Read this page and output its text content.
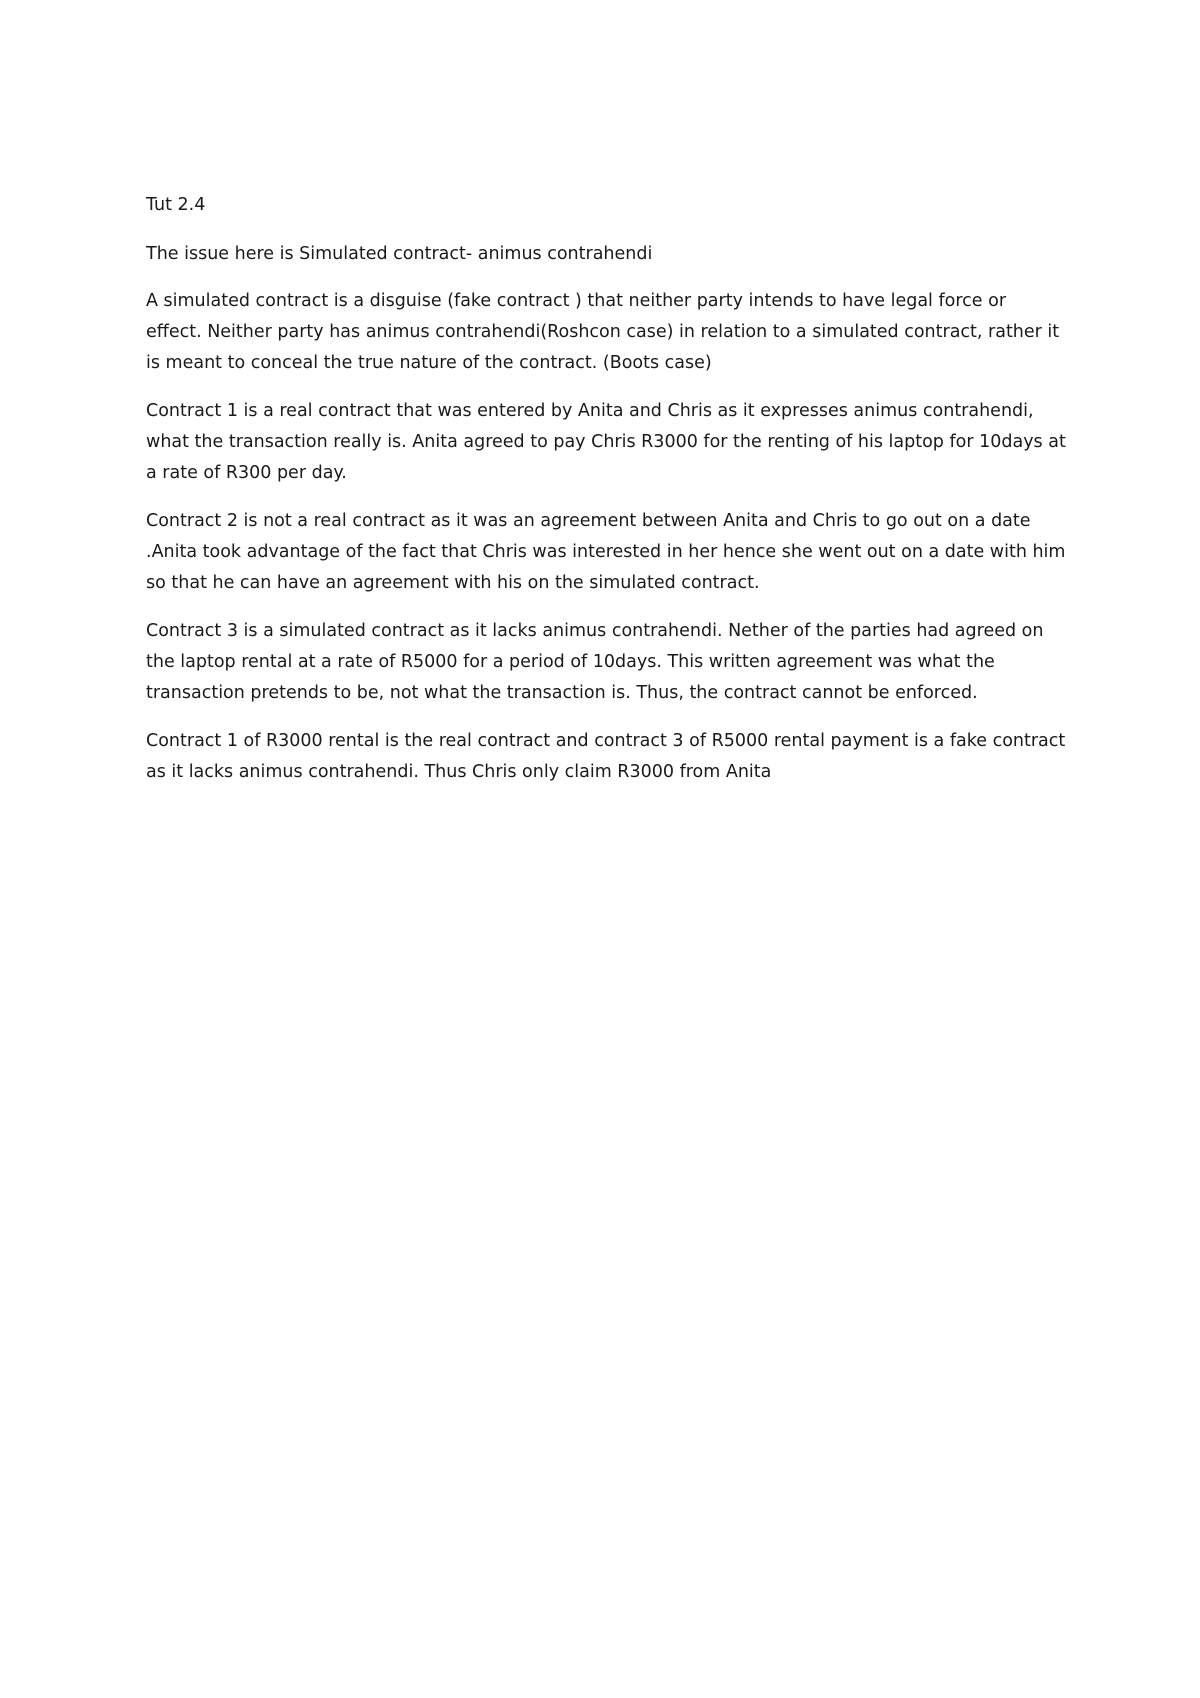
Tut 2.4

The issue here is Simulated contract- animus contrahendi

A simulated contract is a disguise (fake contract ) that neither party intends to have legal force or effect. Neither party has animus contrahendi(Roshcon case) in relation to a simulated contract, rather it is meant to conceal the true nature of the contract. (Boots case)

Contract 1 is a real contract that was entered by Anita and Chris as it expresses animus contrahendi, what the transaction really is. Anita agreed to pay Chris R3000 for the renting of his laptop for 10days at a rate of R300 per day.

Contract 2 is not a real contract as it was an agreement between Anita and Chris to go out on a date .Anita took advantage of the fact that Chris was interested in her hence she went out on a date with him so that he can have an agreement with his on the simulated contract.

Contract 3 is a simulated contract as it lacks animus contrahendi. Nether of the parties had agreed on the laptop rental at a rate of R5000 for a period of 10days. This written agreement was what the transaction pretends to be, not what the transaction is. Thus, the contract cannot be enforced.

Contract 1 of R3000 rental is the real contract and contract 3 of R5000 rental payment is a fake contract as it lacks animus contrahendi. Thus Chris only claim R3000 from Anita
